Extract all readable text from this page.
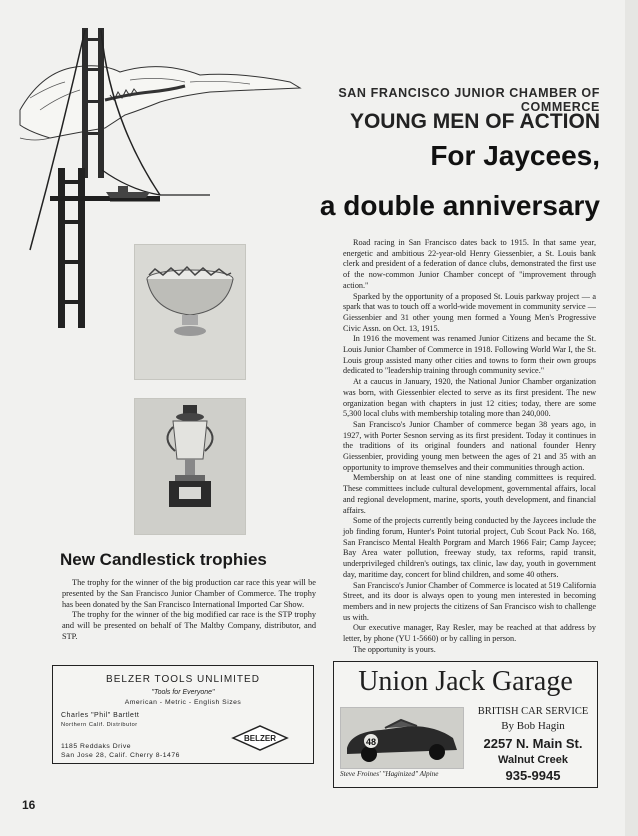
SAN FRANCISCO JUNIOR CHAMBER OF COMMERCE
YOUNG MEN OF ACTION
For Jaycees,
a double anniversary

Road racing in San Francisco dates back to 1915. In that same year, energetic and ambitious 22-year-old Henry Giessenbier, a St. Louis bank clerk and president of a federation of dance clubs, demonstrated the first use of the now-common Junior Chamber concept of "improvement through action."

Sparked by the opportunity of a proposed St. Louis parkway project — a spark that was to touch off a world-wide movement in community service — Giessenbier and 31 other young men formed a Young Men's Progressive Civic Assn. on Oct. 13, 1915.

In 1916 the movement was renamed Junior Citizens and became the St. Louis Junior Chamber of Commerce in 1918. Following World War I, the St. Louis group assisted many other cities and towns to form their own groups dedicated to "leadership training through community sevice."

At a caucus in January, 1920, the National Junior Chamber organization was born, with Giessenbier elected to serve as its first president. The new organization began with chapters in just 12 cities; today, there are some 5,300 local clubs with membership totaling more than 240,000.

San Francisco's Junior Chamber of commerce began 38 years ago, in 1927, with Porter Sesnon serving as its first president. Today it continues in the traditions of its original founders and national founder Henry Giessenbier, providing young men between the ages of 21 and 35 with an opportunity to improve themselves and their communities through action.

Membership on at least one of nine standing committees is required. These committees include cultural development, governmental affairs, local and regional development, marine, sports, youth development, and financial affairs.

Some of the projects currently being conducted by the Jaycees include the job finding forum, Hunter's Point tutorial project, Cub Scout Pack No. 168, San Francisco Mental Health Porgram and March 1966 Fair; Camp Jaycee; Bay Area water pollution, freeway study, tax reforms, rapid transit, underprivileged children's outings, tax clinic, law day, youth in government day, maritime day, concert for blind children, and some 40 others.

San Francisco's Junior Chamber of Commerce is located at 519 California Street, and its door is always open to young men interested in becoming members and in new projects the citizens of San Francisco wish to challenge us with.

Our executive manager, Ray Resler, may be reached at that address by letter, by phone (YU 1-5660) or by calling in person.

The opportunity is yours.

New Candlestick trophies

The trophy for the winner of the big production car race this year will be presented by the San Francisco Junior Chamber of Commerce. The trophy has been donated by the San Francisco International Imported Car Show.

The trophy for the winner of the big modified car race is the STP trophy and will be presented on behalf of The Maltby Company, distributor, and STP.

BELZER TOOLS UNLIMITED
"Tools for Everyone"
American - Metric - English Sizes
Charles "Phil" Bartlett
Northern Calif. Distributor
1185 Reddaks Drive
San Jose 28, Calif. Cherry 8-1476
BELZER
Union Jack Garage
48
BRITISH CAR SERVICE
By Bob Hagin
2257 N. Main St.
Walnut Creek
935-9945
Steve Froines' "Haginized" Alpine
16
